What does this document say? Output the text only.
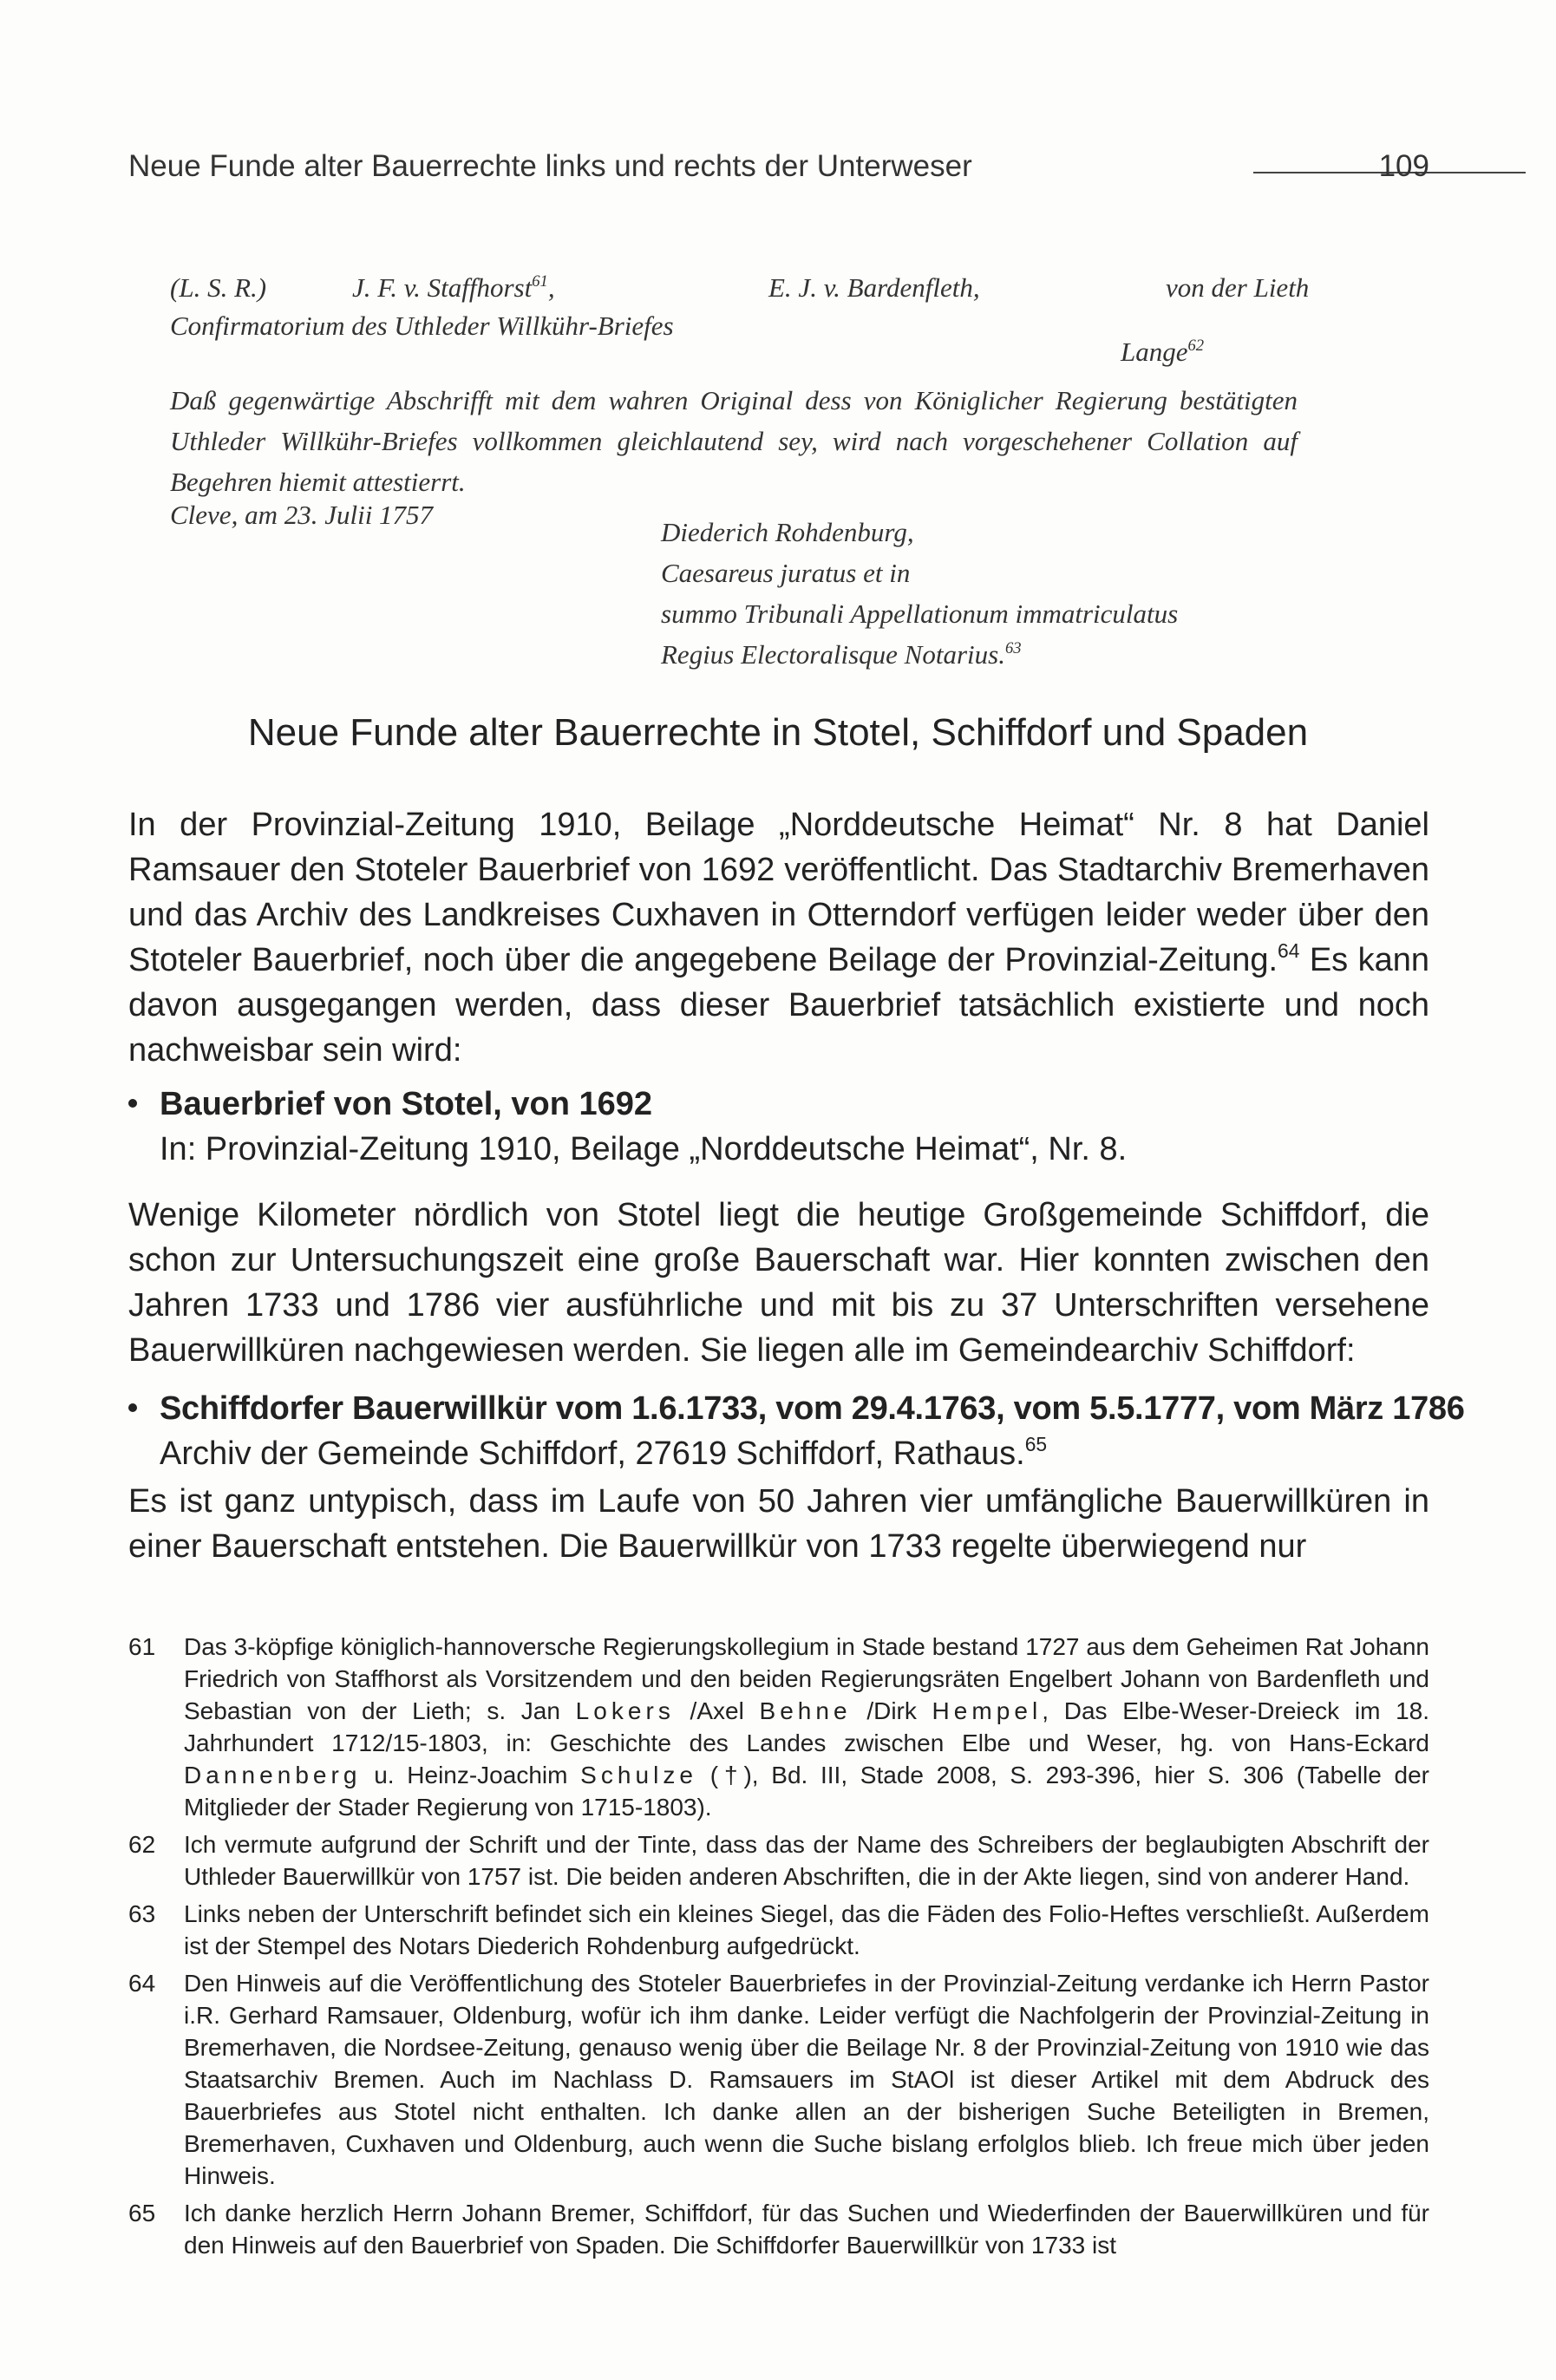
Neue Funde alter Bauerrechte links und rechts der Unterweser	109
(L. S. R.)	J. F. v. Staffhorst$^{61}$,	E. J. v. Bardenfleth,	von der Lieth
Confirmatorium des Uthleder Willkühr-Briefes
Lange$^{62}$
Daß gegenwärtige Abschrifft mit dem wahren Original dess von Königlicher Regierung bestätigten Uthleder Willkühr-Briefes vollkommen gleichlautend sey, wird nach vorgeschehener Collation auf Begehren hiemit attestierrt.
Cleve, am 23. Julii 1757
Diederich Rohdenburg,
Caesareus juratus et in
summo Tribunali Appellationum immatriculatus
Regius Electoralisque Notarius.$^{63}$
Neue Funde alter Bauerrechte in Stotel, Schiffdorf und Spaden

In der Provinzial-Zeitung 1910, Beilage „Norddeutsche Heimat“ Nr. 8 hat Daniel Ramsauer den Stoteler Bauerbrief von 1692 veröffentlicht. Das Stadtarchiv Bremerhaven und das Archiv des Landkreises Cuxhaven in Otterndorf verfügen leider weder über den Stoteler Bauerbrief, noch über die angegebene Beilage der Provinzial-Zeitung.$^{64}$ Es kann davon ausgegangen werden, dass dieser Bauerbrief tatsächlich existierte und noch nachweisbar sein wird:

Bauerbrief von Stotel, von 1692
In: Provinzial-Zeitung 1910, Beilage „Norddeutsche Heimat“, Nr. 8.

Wenige Kilometer nördlich von Stotel liegt die heutige Großgemeinde Schiffdorf, die schon zur Untersuchungszeit eine große Bauerschaft war. Hier konnten zwischen den Jahren 1733 und 1786 vier ausführliche und mit bis zu 37 Unterschriften versehene Bauerwillküren nachgewiesen werden. Sie liegen alle im Gemeindearchiv Schiffdorf:

Schiffdorfer Bauerwillkür vom 1.6.1733, vom 29.4.1763, vom 5.5.1777, vom März 1786
Archiv der Gemeinde Schiffdorf, 27619 Schiffdorf, Rathaus.$^{65}$

Es ist ganz untypisch, dass im Laufe von 50 Jahren vier umfängliche Bauerwillküren in einer Bauerschaft entstehen. Die Bauerwillkür von 1733 regelte überwiegend nur

61 Das 3-köpfige königlich-hannoversche Regierungskollegium in Stade bestand 1727 aus dem Geheimen Rat Johann Friedrich von Staffhorst als Vorsitzendem und den beiden Regierungsräten Engelbert Johann von Bardenfleth und Sebastian von der Lieth; s. Jan Lokers /Axel Behne /Dirk Hempel, Das Elbe-Weser-Dreieck im 18. Jahrhundert 1712/15-1803, in: Geschichte des Landes zwischen Elbe und Weser, hg. von Hans-Eckard Dannenberg u. Heinz-Joachim Schulze (†), Bd. III, Stade 2008, S. 293-396, hier S. 306 (Tabelle der Mitglieder der Stader Regierung von 1715-1803).
62 Ich vermute aufgrund der Schrift und der Tinte, dass das der Name des Schreibers der beglaubigten Abschrift der Uthleder Bauerwillkür von 1757 ist. Die beiden anderen Abschriften, die in der Akte liegen, sind von anderer Hand.
63 Links neben der Unterschrift befindet sich ein kleines Siegel, das die Fäden des Folio-Heftes verschließt. Außerdem ist der Stempel des Notars Diederich Rohdenburg aufgedrückt.
64 Den Hinweis auf die Veröffentlichung des Stoteler Bauerbriefes in der Provinzial-Zeitung verdanke ich Herrn Pastor i.R. Gerhard Ramsauer, Oldenburg, wofür ich ihm danke. Leider verfügt die Nachfolgerin der Provinzial-Zeitung in Bremerhaven, die Nordsee-Zeitung, genauso wenig über die Beilage Nr. 8 der Provinzial-Zeitung von 1910 wie das Staatsarchiv Bremen. Auch im Nachlass D. Ramsauers im StAOl ist dieser Artikel mit dem Abdruck des Bauerbriefes aus Stotel nicht enthalten. Ich danke allen an der bisherigen Suche Beteiligten in Bremen, Bremerhaven, Cuxhaven und Oldenburg, auch wenn die Suche bislang erfolglos blieb. Ich freue mich über jeden Hinweis.
65 Ich danke herzlich Herrn Johann Bremer, Schiffdorf, für das Suchen und Wiederfinden der Bauerwillküren und für den Hinweis auf den Bauerbrief von Spaden. Die Schiffdorfer Bauerwillkür von 1733 ist
